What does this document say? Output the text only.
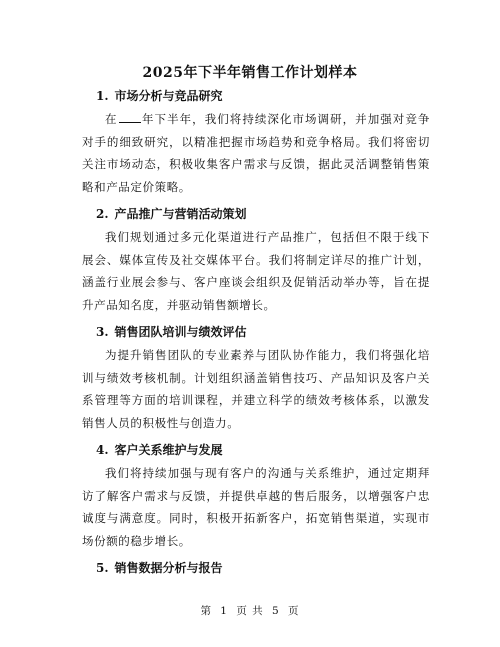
2025年下半年销售工作计划样本

1. 市场分析与竞品研究

在 年下半年，我们将持续深化市场调研，并加强对竞争对手的细致研究，以精准把握市场趋势和竞争格局。我们将密切关注市场动态，积极收集客户需求与反馈，据此灵活调整销售策略和产品定价策略。

2. 产品推广与营销活动策划

我们规划通过多元化渠道进行产品推广，包括但不限于线下展会、媒体宣传及社交媒体平台。我们将制定详尽的推广计划，涵盖行业展会参与、客户座谈会组织及促销活动举办等，旨在提升产品知名度，并驱动销售额增长。

3. 销售团队培训与绩效评估

为提升销售团队的专业素养与团队协作能力，我们将强化培训与绩效考核机制。计划组织涵盖销售技巧、产品知识及客户关系管理等方面的培训课程，并建立科学的绩效考核体系，以激发销售人员的积极性与创造力。

4. 客户关系维护与发展

我们将持续加强与现有客户的沟通与关系维护，通过定期拜访了解客户需求与反馈，并提供卓越的售后服务，以增强客户忠诚度与满意度。同时，积极开拓新客户，拓宽销售渠道，实现市场份额的稳步增长。

5. 销售数据分析与报告

第 1 页 共 5 页
